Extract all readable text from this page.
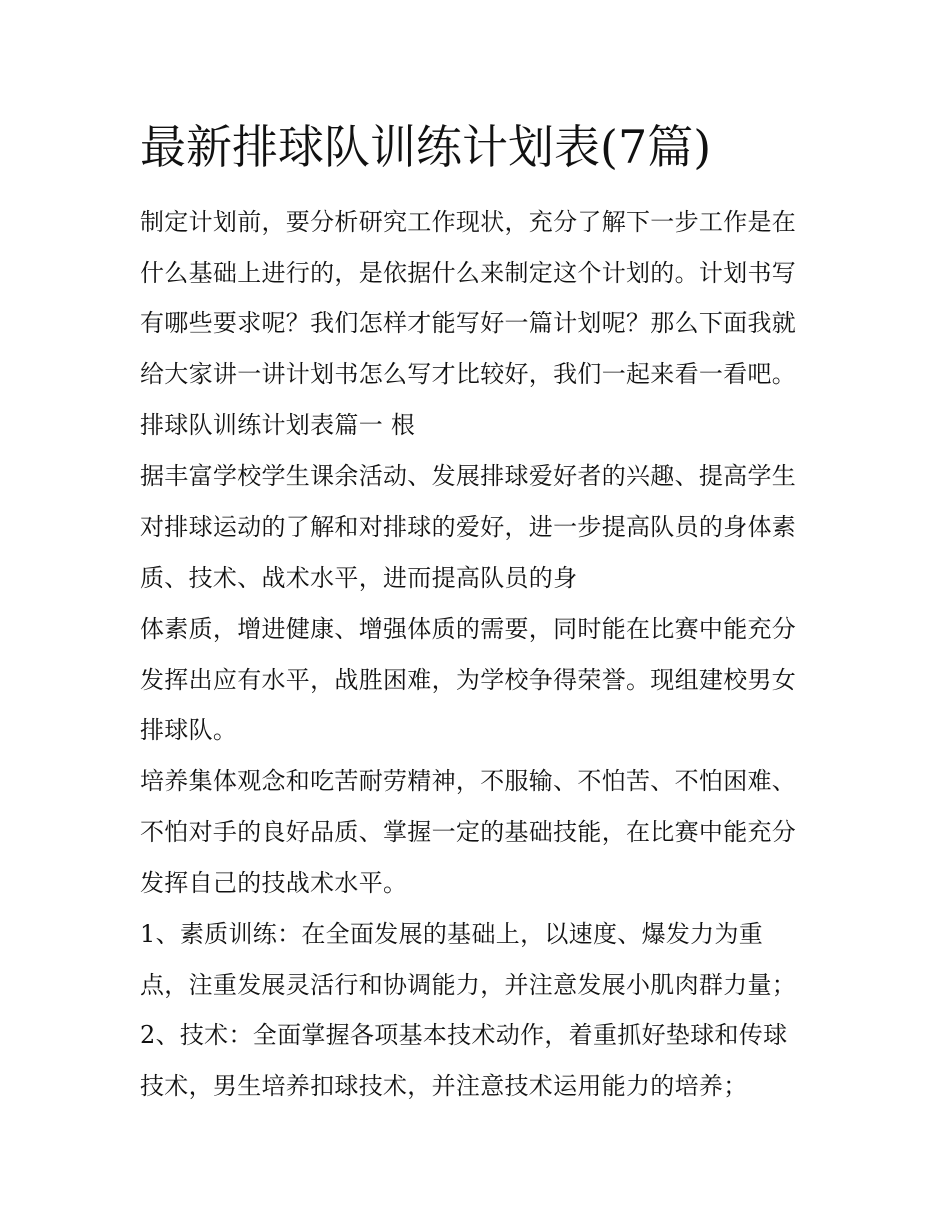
最新排球队训练计划表(7篇)
制定计划前，要分析研究工作现状，充分了解下一步工作是在
什么基础上进行的，是依据什么来制定这个计划的。计划书写
有哪些要求呢？我们怎样才能写好一篇计划呢？那么下面我就
给大家讲一讲计划书怎么写才比较好，我们一起来看一看吧。
排球队训练计划表篇一 根
据丰富学校学生课余活动、发展排球爱好者的兴趣、提高学生
对排球运动的了解和对排球的爱好，进一步提高队员的身体素
质、技术、战术水平，进而提高队员的身
体素质，增进健康、增强体质的需要，同时能在比赛中能充分
发挥出应有水平，战胜困难，为学校争得荣誉。现组建校男女
排球队。
培养集体观念和吃苦耐劳精神，不服输、不怕苦、不怕困难、
不怕对手的良好品质、掌握一定的基础技能，在比赛中能充分
发挥自己的技战术水平。
1、素质训练：在全面发展的基础上，以速度、爆发力为重
点，注重发展灵活行和协调能力，并注意发展小肌肉群力量；
2、技术：全面掌握各项基本技术动作，着重抓好垫球和传球
技术，男生培养扣球技术，并注意技术运用能力的培养；
